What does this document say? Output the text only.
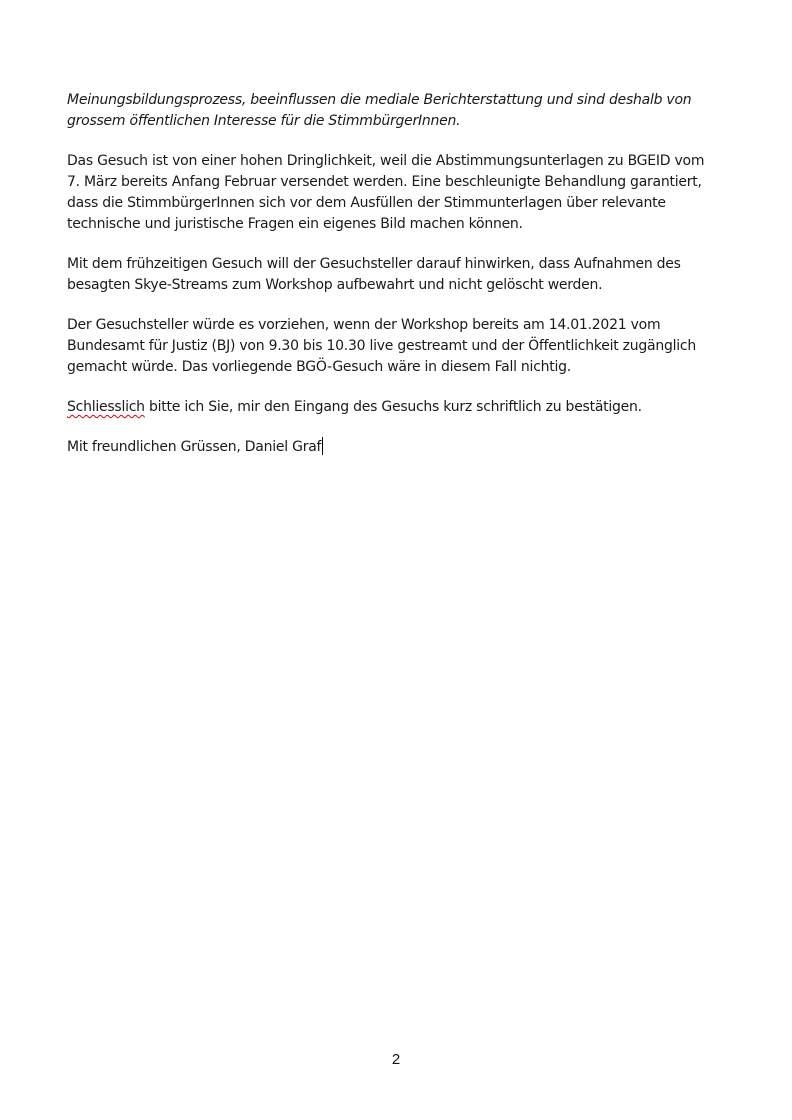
Meinungsbildungsprozess, beeinflussen die mediale Berichterstattung und sind deshalb von
grossem öffentlichen Interesse für die StimmbürgerInnen.

Das Gesuch ist von einer hohen Dringlichkeit, weil die Abstimmungsunterlagen zu BGEID vom
7. März bereits Anfang Februar versendet werden. Eine beschleunigte Behandlung garantiert,
dass die StimmbürgerInnen sich vor dem Ausfüllen der Stimmunterlagen über relevante
technische und juristische Fragen ein eigenes Bild machen können.

Mit dem frühzeitigen Gesuch will der Gesuchsteller darauf hinwirken, dass Aufnahmen des
besagten Skye-Streams zum Workshop aufbewahrt und nicht gelöscht werden.

Der Gesuchsteller würde es vorziehen, wenn der Workshop bereits am 14.01.2021 vom
Bundesamt für Justiz (BJ) von 9.30 bis 10.30 live gestreamt und der Öffentlichkeit zugänglich
gemacht würde. Das vorliegende BGÖ-Gesuch wäre in diesem Fall nichtig.

Schliesslich bitte ich Sie, mir den Eingang des Gesuchs kurz schriftlich zu bestätigen.

Mit freundlichen Grüssen, Daniel Graf

2
